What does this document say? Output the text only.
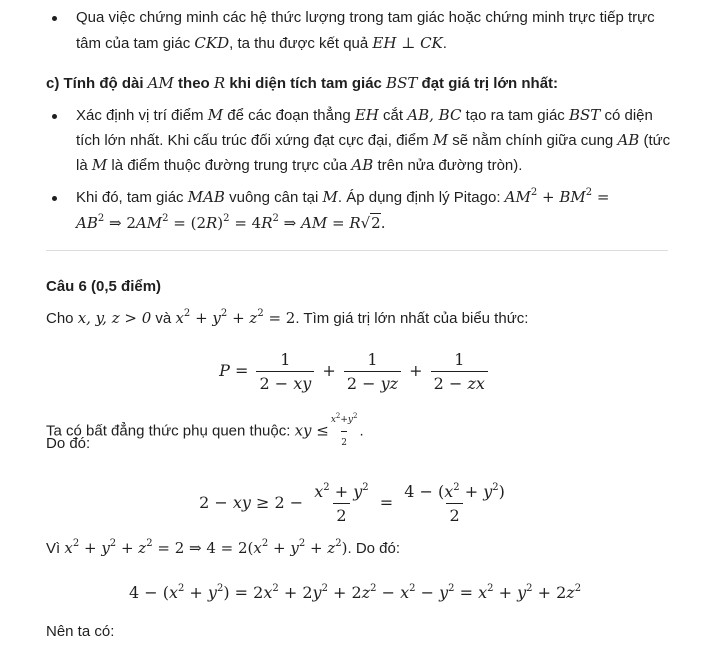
Qua việc chứng minh các hệ thức lượng trong tam giác hoặc chứng minh trực tiếp trực
tâm của tam giác CKD, ta thu được kết quả EH ⊥ CK.
c) Tính độ dài AM theo R khi diện tích tam giác BST đạt giá trị lớn nhất:
Xác định vị trí điểm M để các đoạn thẳng EH cắt AB, BC tạo ra tam giác BST có diện
tích lớn nhất. Khi cấu trúc đối xứng đạt cực đại, điểm M sẽ nằm chính giữa cung AB (tức
là M là điểm thuộc đường trung trực của AB trên nửa đường tròn).
Khi đó, tam giác MAB vuông cân tại M. Áp dụng định lý Pitago: $AM^2 + BM^2$ =
$AB^2$ ⇒ $2AM^2 = (2R)^2 = 4R^2$ ⇒ AM = R√2.
Câu 6 (0,5 điểm)
Cho x, y, z > 0 và $x^2 + y^2 + z^2 = 2$. Tìm giá trị lớn nhất của biểu thức:
$P = \frac{1}{2 - xy} + \frac{1}{2 - yz} + \frac{1}{2 - zx}$
Ta có bất đẳng thức phụ quen thuộc: xy ≤ $\frac{x^2+y^2}{2}$ .
Do đó:
2 − xy ≥ $2 - \frac{x^2 + y^2}{2} = \frac{4 - (x^2 + y^2)}{2}$
Vì $x^2 + y^2 + z^2 = 2$ ⇒ $4 = 2(x^2 + y^2 + z^2)$. Do đó:
$4 - (x^2 + y^2) = 2x^2 + 2y^2 + 2z^2 - x^2 - y^2 = x^2 + y^2 + 2z^2$
Nên ta có:
